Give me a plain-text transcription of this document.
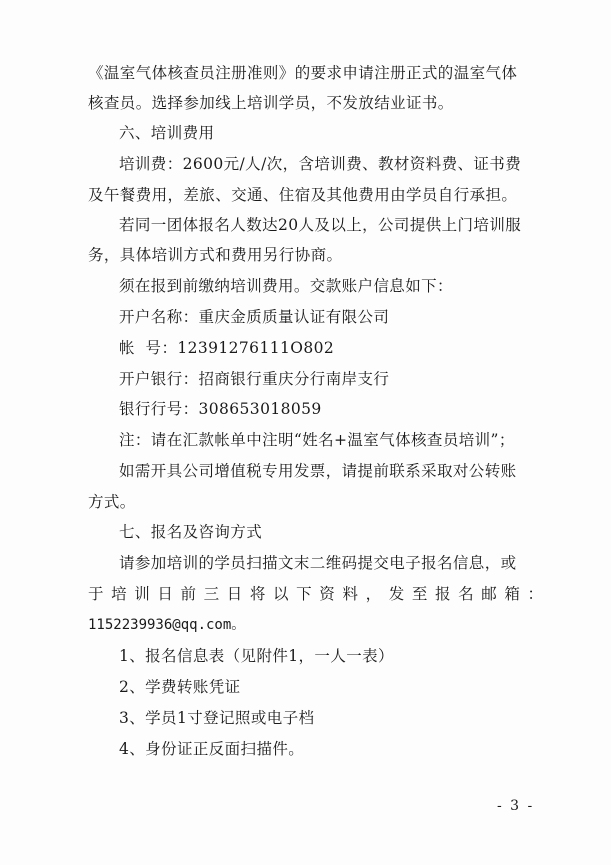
《温室气体核查员注册准则》的要求申请注册正式的温室气体
核查员。选择参加线上培训学员，不发放结业证书。
六、培训费用
培训费：2600元/人/次，含培训费、教材资料费、证书费
及午餐费用，差旅、交通、住宿及其他费用由学员自行承担。
若同一团体报名人数达20人及以上，公司提供上门培训服
务，具体培训方式和费用另行协商。
须在报到前缴纳培训费用。交款账户信息如下：
开户名称：重庆金质质量认证有限公司
帐  号：12391276111O802
开户银行：招商银行重庆分行南岸支行
银行行号：308653018059
注：请在汇款帐单中注明“姓名+温室气体核查员培训”；
如需开具公司增值税专用发票，请提前联系采取对公转账
方式。
七、报名及咨询方式
请参加培训的学员扫描文末二维码提交电子报名信息，或
于培训日前三日将以下资料，发至报名邮箱：
1152239936@qq.com。
1、报名信息表（见附件1，一人一表）
2、学费转账凭证
3、学员1寸登记照或电子档
4、身份证正反面扫描件。
- 3 -
